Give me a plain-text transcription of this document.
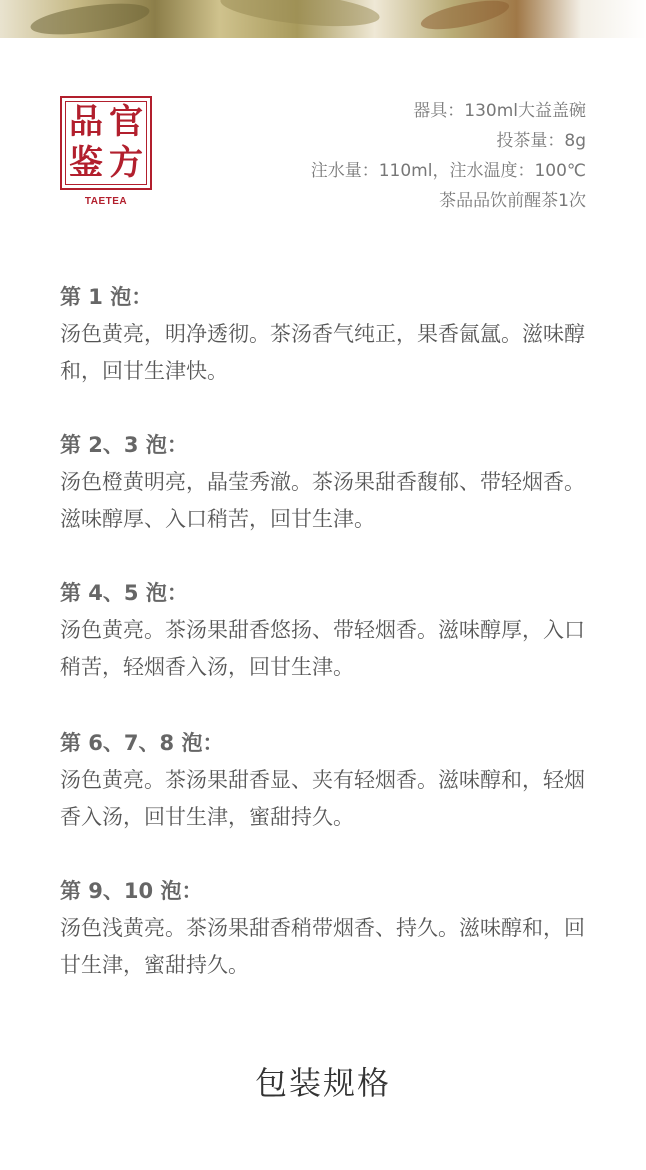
品 官
鉴 方
TAETEA
器具：130ml大益盖碗
投茶量：8g
注水量：110ml，注水温度：100℃
茶品品饮前醒茶1次
第 1 泡：
汤色黄亮，明净透彻。茶汤香气纯正，果香氤氲。滋味醇和，回甘生津快。
第 2、3 泡：
汤色橙黄明亮，晶莹秀澈。茶汤果甜香馥郁、带轻烟香。滋味醇厚、入口稍苦，回甘生津。
第 4、5 泡：
汤色黄亮。茶汤果甜香悠扬、带轻烟香。滋味醇厚，入口稍苦，轻烟香入汤，回甘生津。
第 6、7、8 泡：
汤色黄亮。茶汤果甜香显、夹有轻烟香。滋味醇和，轻烟香入汤，回甘生津，蜜甜持久。
第 9、10 泡：
汤色浅黄亮。茶汤果甜香稍带烟香、持久。滋味醇和，回甘生津，蜜甜持久。
包装规格
